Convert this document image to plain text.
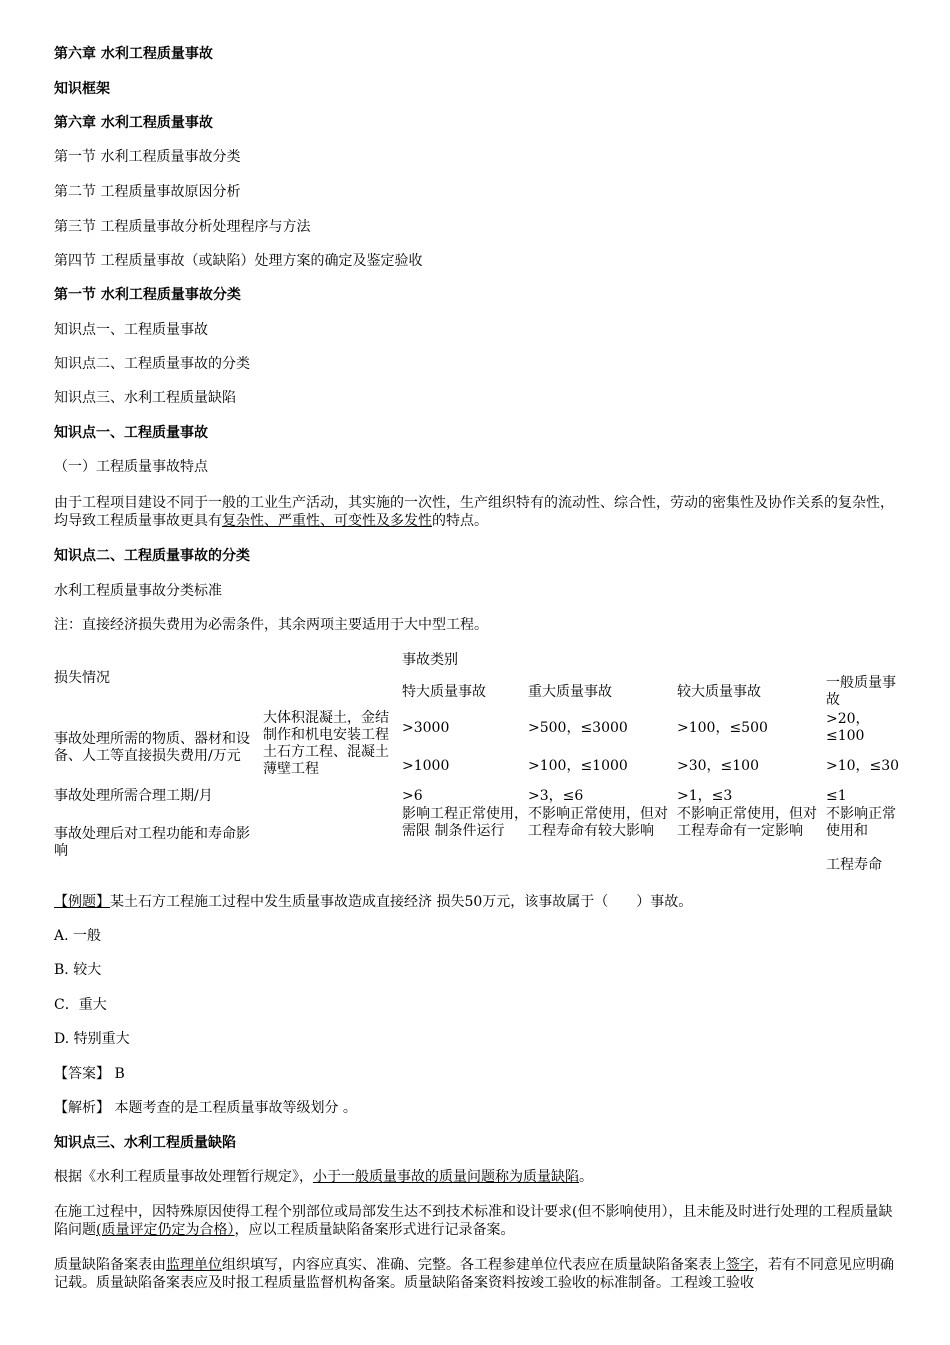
第六章 水利工程质量事故
知识框架
第六章 水利工程质量事故
第一节 水利工程质量事故分类
第二节 工程质量事故原因分析
第三节 工程质量事故分析处理程序与方法
第四节 工程质量事故（或缺陷）处理方案的确定及鉴定验收
第一节 水利工程质量事故分类
知识点一、工程质量事故
知识点二、工程质量事故的分类
知识点三、水利工程质量缺陷
知识点一、工程质量事故
（一）工程质量事故特点
由于工程项目建设不同于一般的工业生产活动，其实施的一次性，生产组织特有的流动性、综合性，劳动的密集性及协作关系的复杂性，均导致工程质量事故更具有复杂性、严重性、可变性及多发性的特点。
知识点二、工程质量事故的分类
水利工程质量事故分类标准
注：直接经济损失费用为必需条件，其余两项主要适用于大中型工程。
损失情况		事故类别			
		特大质量事故	重大质量事故	较大质量事故	一般质量事故
事故处理所需的物质、器材和设备、人工等直接损失费用/万元	大体积混凝土，金结制作和机电安装工程土石方工程、混凝土薄壁工程	>3000	>500，≤3000	>100，≤500	>20，≤100
		>1000	>100，≤1000	>30，≤100	>10，≤30
事故处理所需合理工期/月		>6	>3，≤6	>1，≤3	≤1
事故处理后对工程功能和寿命影响		影响工程正常使用，需限 制条件运行	不影响正常使用，但对工程寿命有较大影响	不影响正常使用，但对工程寿命有一定影响	不影响正常使用和
工程寿命
【例题】某土石方工程施工过程中发生质量事故造成直接经济 损失50万元，该事故属于（　　）事故。
A. 一般
B. 较大
C．重大
D. 特别重大
【答案】 B
【解析】 本题考查的是工程质量事故等级划分 。
知识点三、水利工程质量缺陷
根据《水利工程质量事故处理暂行规定》，小于一般质量事故的质量问题称为质量缺陷。
在施工过程中，因特殊原因使得工程个别部位或局部发生达不到技术标准和设计要求(但不影响使用），且未能及时进行处理的工程质量缺陷问题(质量评定仍定为合格），应以工程质量缺陷备案形式进行记录备案。
质量缺陷备案表由监理单位组织填写，内容应真实、准确、完整。各工程参建单位代表应在质量缺陷备案表上签字，若有不同意见应明确记载。质量缺陷备案表应及时报工程质量监督机构备案。质量缺陷备案资料按竣工验收的标准制备。工程竣工验收
